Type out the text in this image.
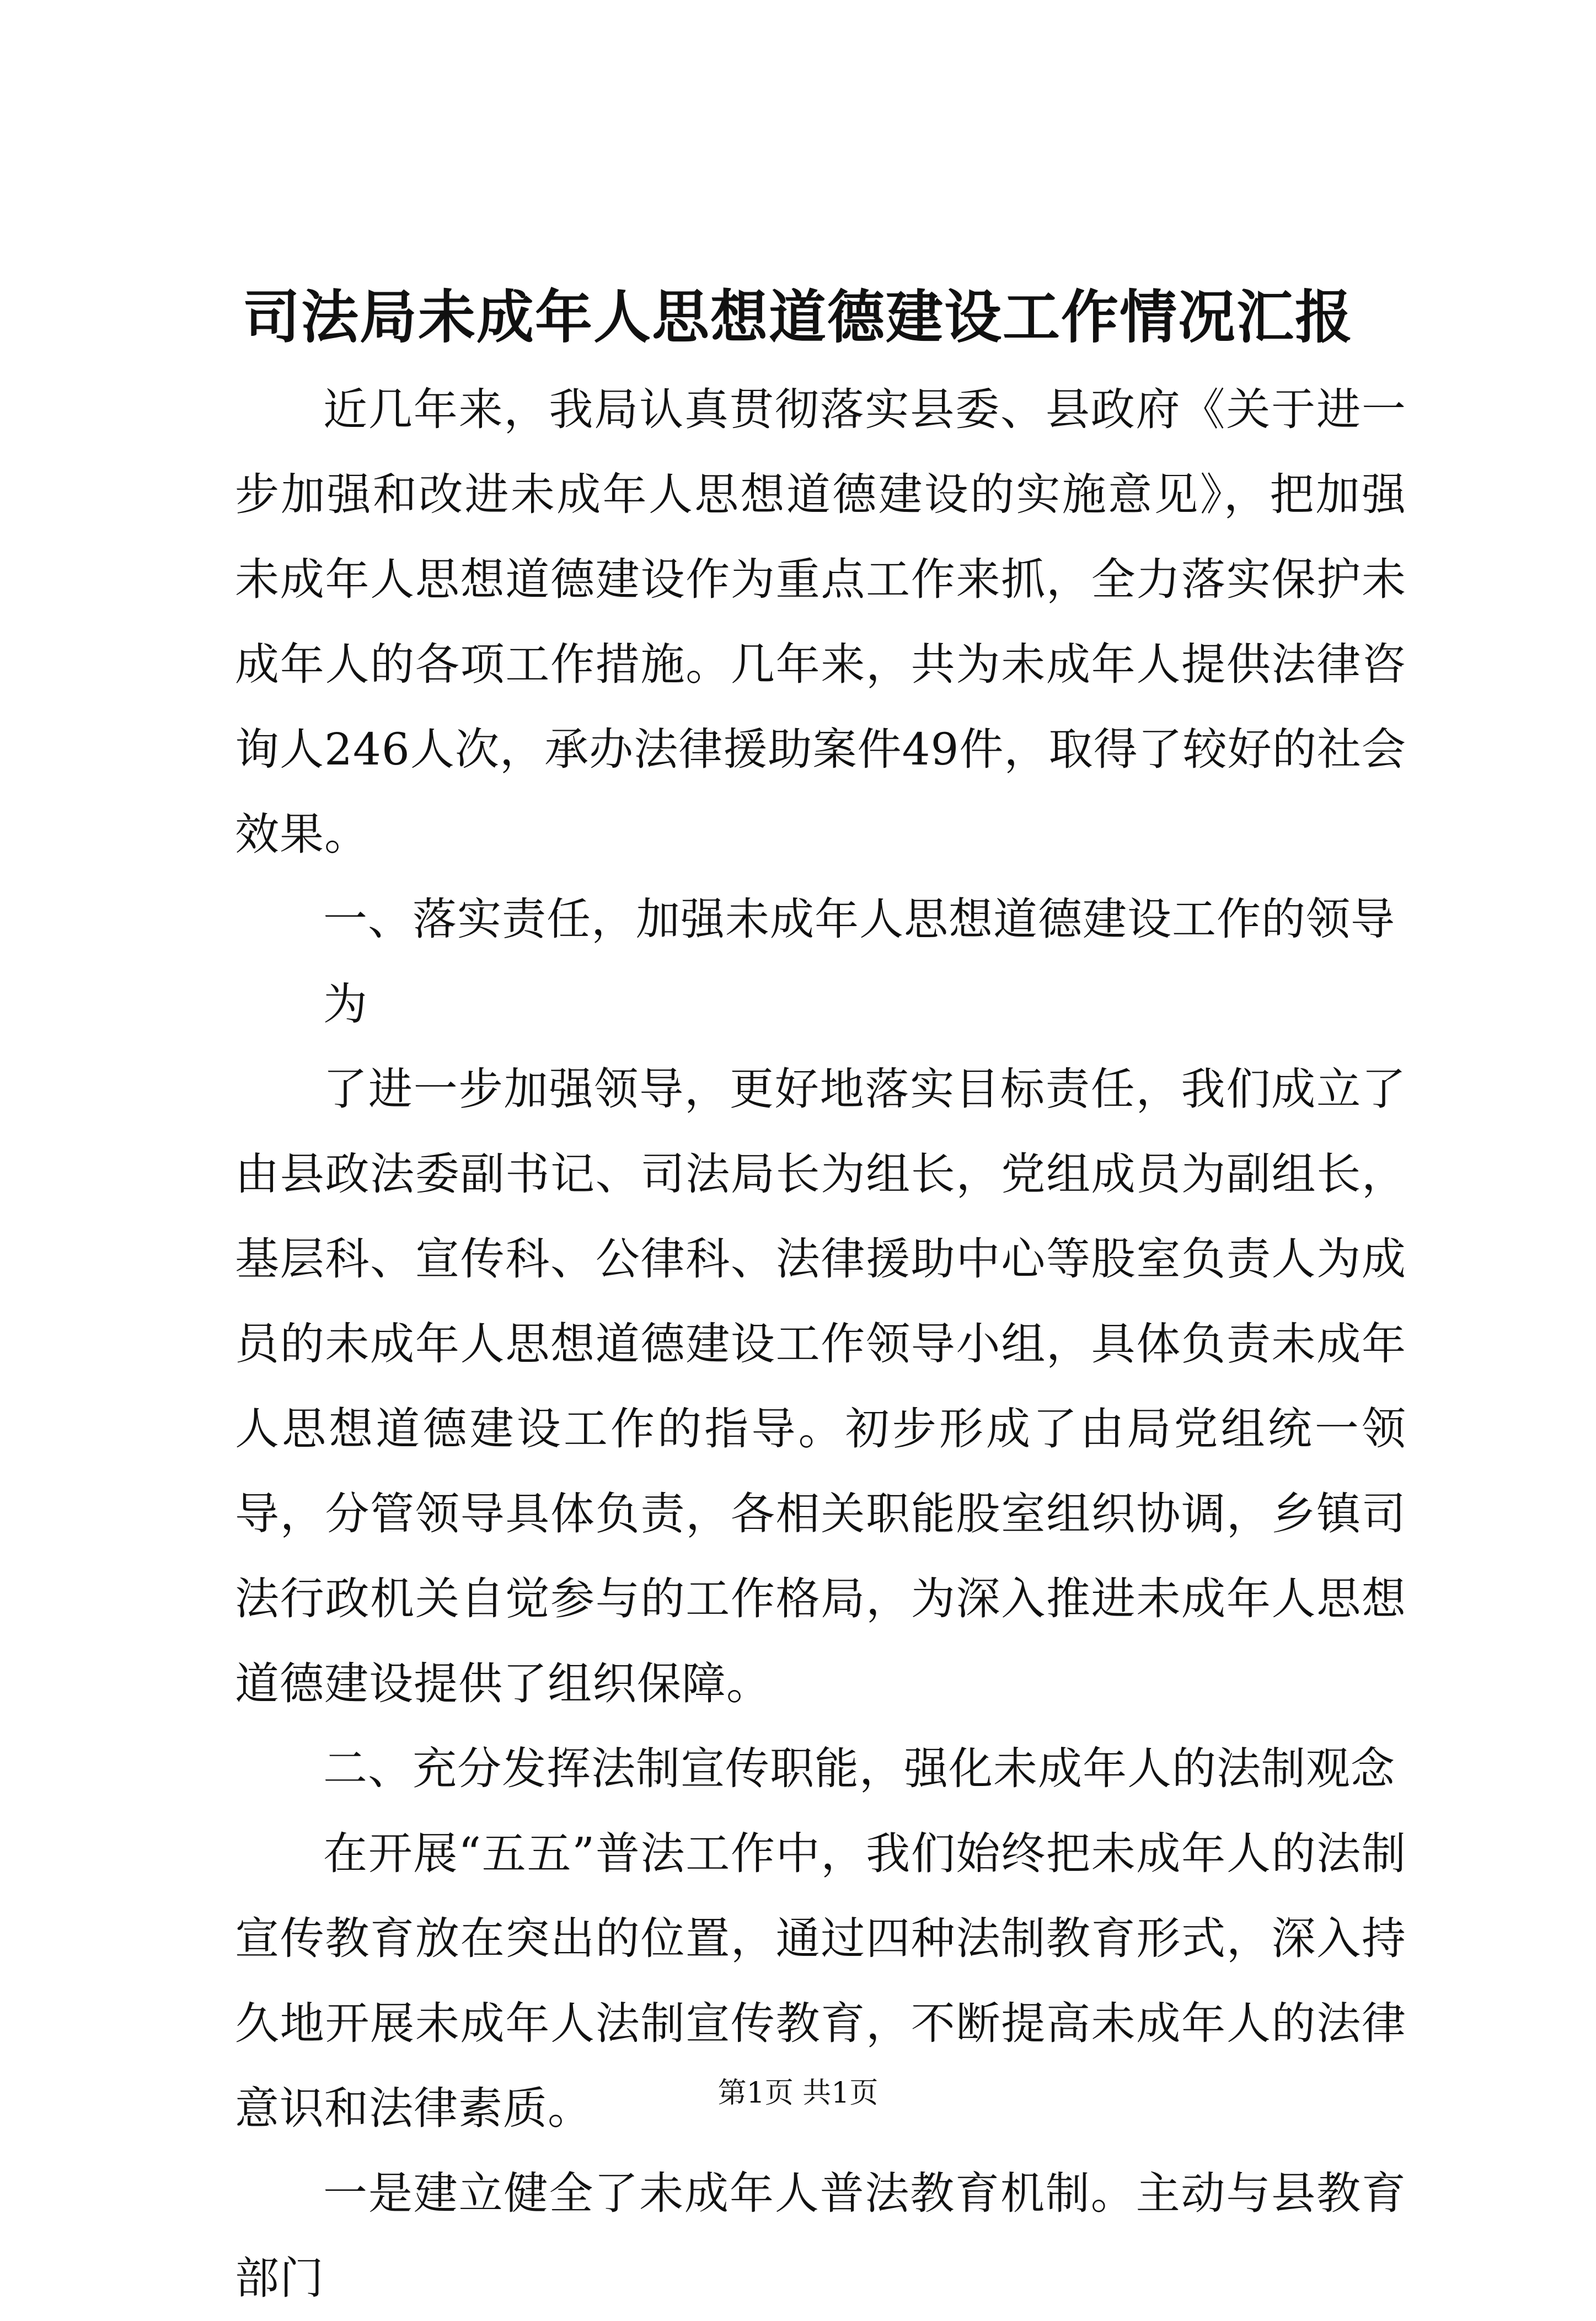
司法局未成年人思想道德建设工作情况汇报

近几年来，我局认真贯彻落实县委、县政府《关于进一步加强和改进未成年人思想道德建设的实施意见》，把加强未成年人思想道德建设作为重点工作来抓，全力落实保护未成年人的各项工作措施。几年来，共为未成年人提供法律咨询人246人次，承办法律援助案件49件，取得了较好的社会效果。

一、落实责任，加强未成年人思想道德建设工作的领导

为

了进一步加强领导，更好地落实目标责任，我们成立了由县政法委副书记、司法局长为组长，党组成员为副组长，基层科、宣传科、公律科、法律援助中心等股室负责人为成员的未成年人思想道德建设工作领导小组，具体负责未成年人思想道德建设工作的指导。初步形成了由局党组统一领导，分管领导具体负责，各相关职能股室组织协调，乡镇司法行政机关自觉参与的工作格局，为深入推进未成年人思想道德建设提供了组织保障。

二、充分发挥法制宣传职能，强化未成年人的法制观念

在开展“五五”普法工作中，我们始终把未成年人的法制宣传教育放在突出的位置，通过四种法制教育形式，深入持久地开展未成年人法制宣传教育，不断提高未成年人的法律意识和法律素质。

一是建立健全了未成年人普法教育机制。主动与县教育部门

第1页 共1页
